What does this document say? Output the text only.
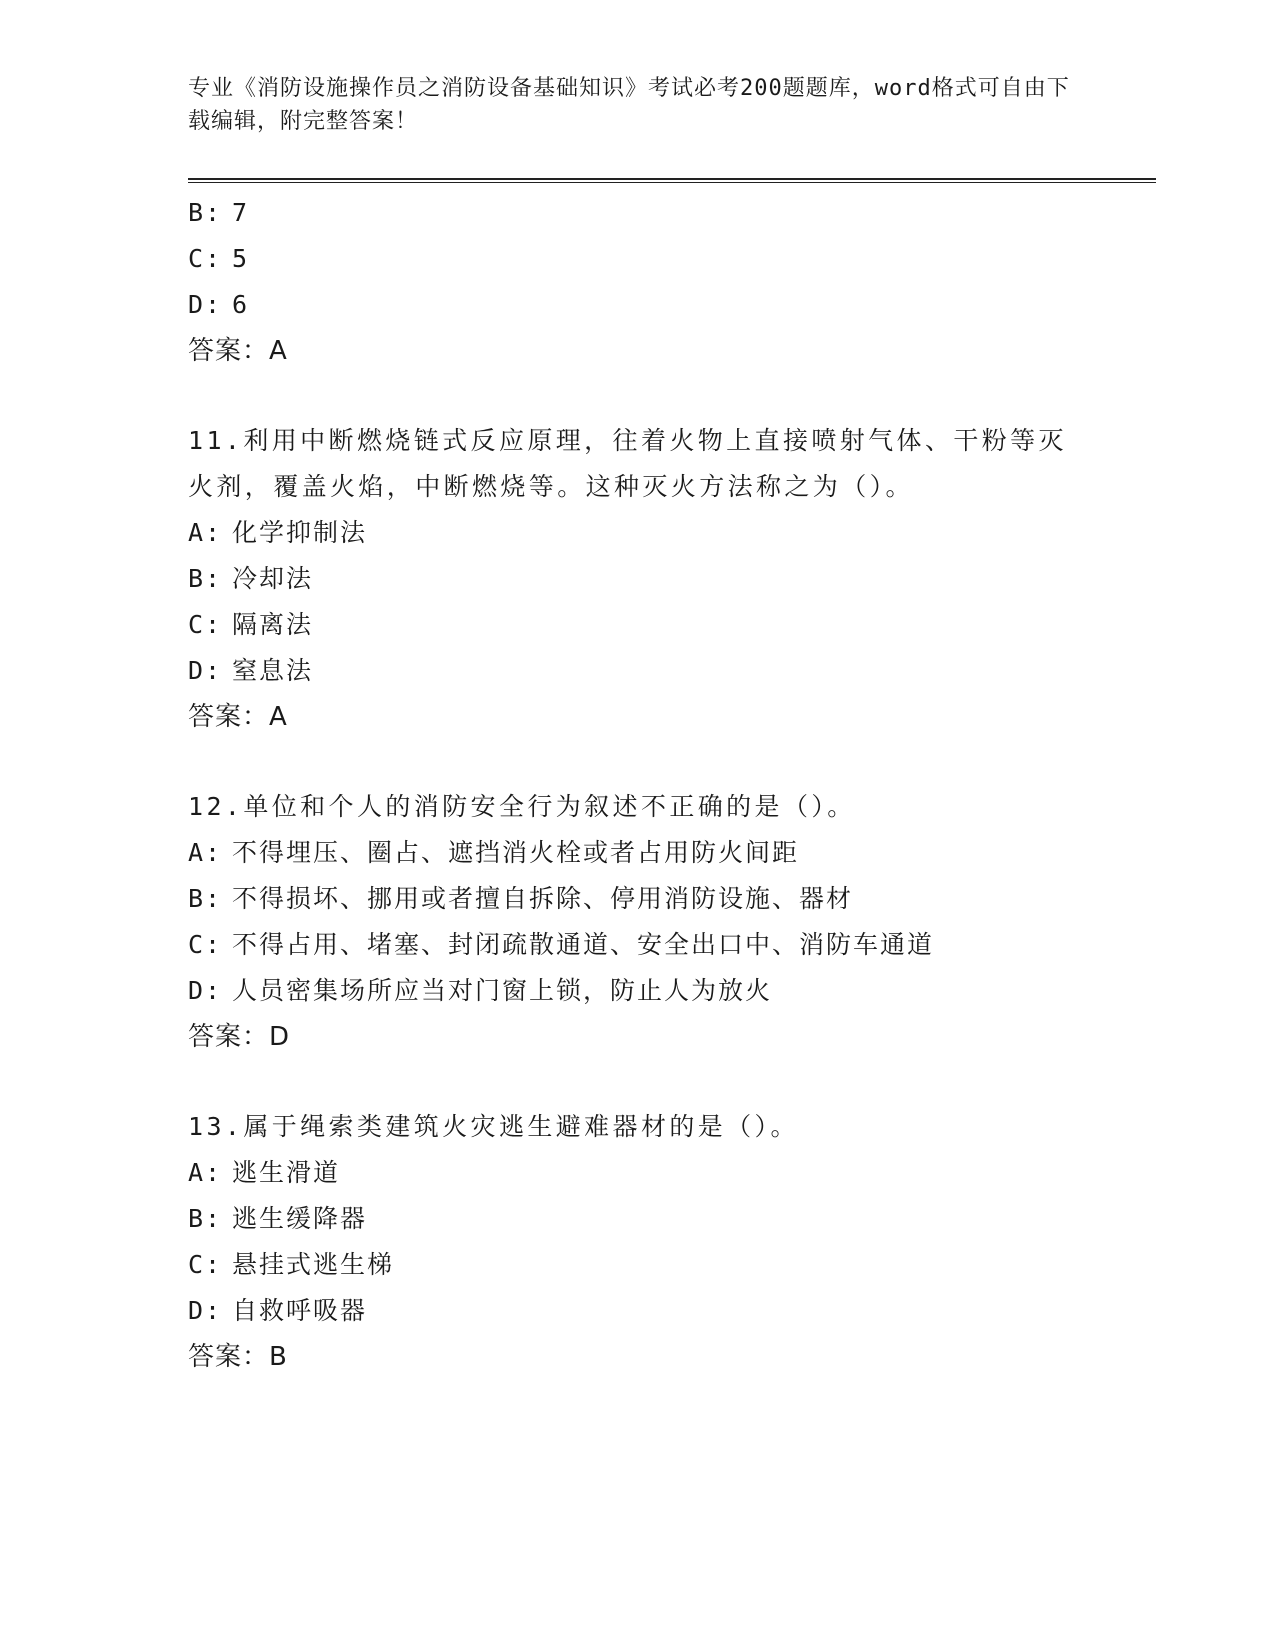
专业《消防设施操作员之消防设备基础知识》考试必考200题题库，word格式可自由下载编辑，附完整答案！
B: 7
C: 5
D: 6
答案：A
11.利用中断燃烧链式反应原理，往着火物上直接喷射气体、干粉等灭火剂，覆盖火焰，中断燃烧等。这种灭火方法称之为（）。
A: 化学抑制法
B: 冷却法
C: 隔离法
D: 窒息法
答案：A
12.单位和个人的消防安全行为叙述不正确的是（）。
A: 不得埋压、圈占、遮挡消火栓或者占用防火间距
B: 不得损坏、挪用或者擅自拆除、停用消防设施、器材
C: 不得占用、堵塞、封闭疏散通道、安全出口中、消防车通道
D: 人员密集场所应当对门窗上锁，防止人为放火
答案：D
13.属于绳索类建筑火灾逃生避难器材的是（）。
A: 逃生滑道
B: 逃生缓降器
C: 悬挂式逃生梯
D: 自救呼吸器
答案：B
